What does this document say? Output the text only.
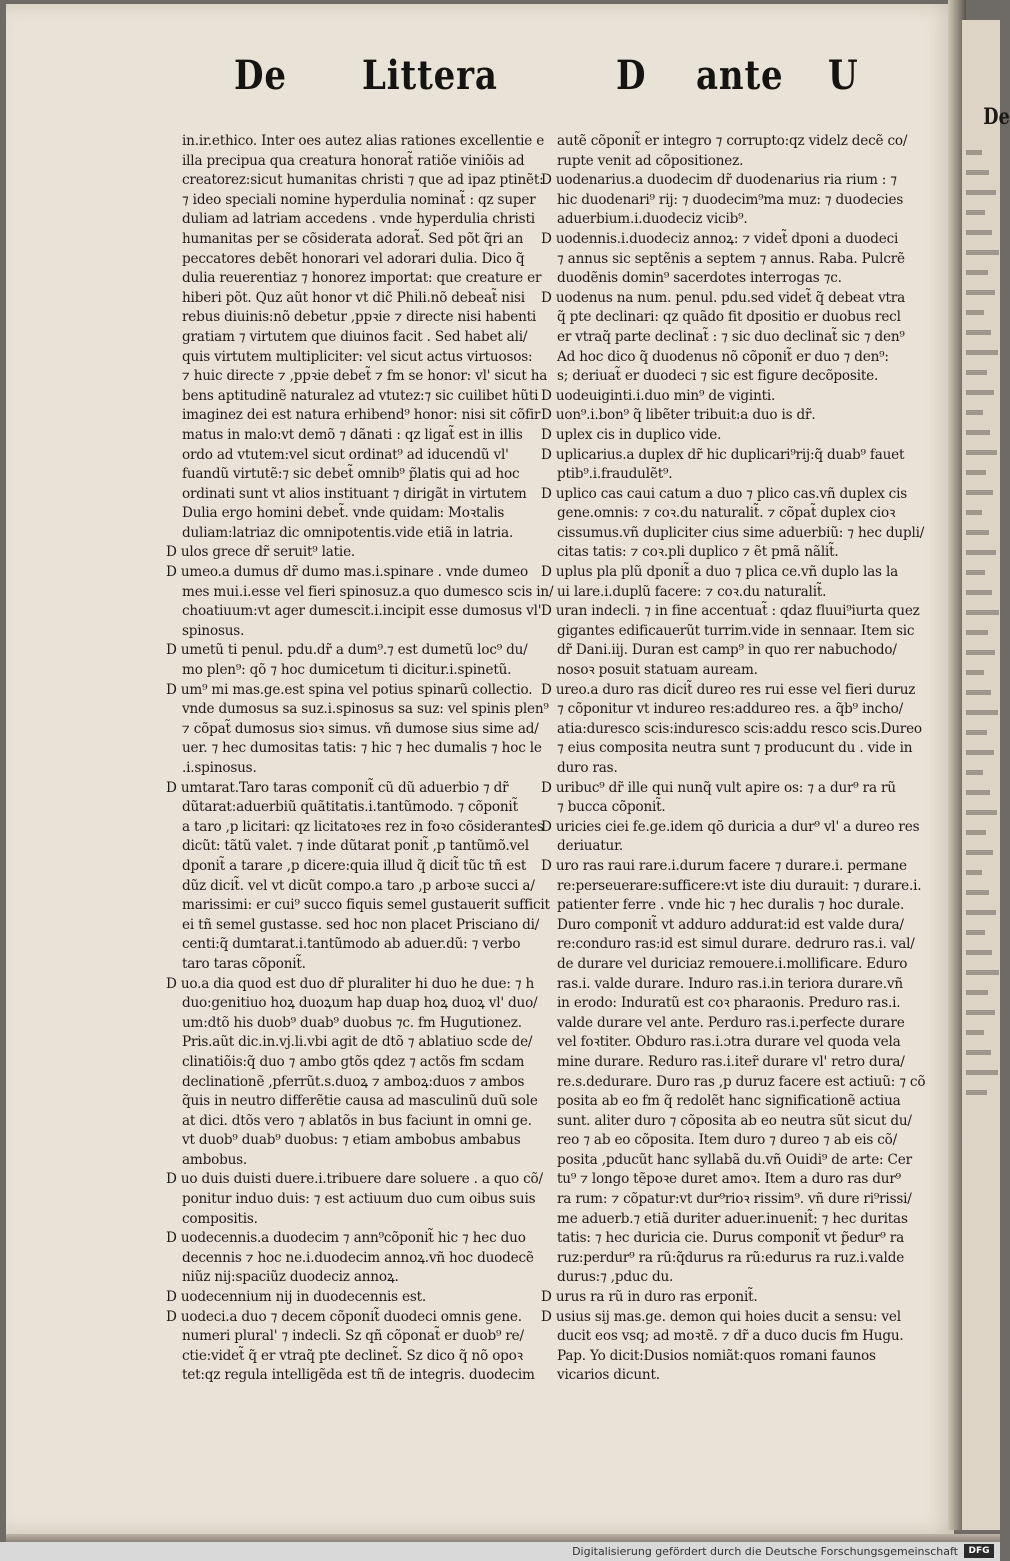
De Littera	D ante U
in.ir.ethico. Inter oes autez alias rationes excellentie e
illa precipua qua creatura honorat̃ ratiõe viniõis ad
creatorez:sicut humanitas christi ⁊ que ad ipaz ptinẽt:
⁊ ideo speciali nomine hyperdulia nominat̃ : qz super
duliam ad latriam accedens . vnde hyperdulia christi
humanitas per se cõsiderata adorat̃. Sed põt q̃ri an
peccatores debẽt honorari vel adorari dulia. Dico q̃
dulia reuerentiaz ⁊ honorez importat: que creature er
hiberi põt. Quz aũt honor vt dic̃ Phili.nõ debeat̃ nisi
rebus diuinis:nõ debetur ,ppꝛie ⁊ directe nisi habenti
gratiam ⁊ virtutem que diuinos facit . Sed habet ali/
quis virtutem multipliciter: vel sicut actus virtuosos:
⁊ huic directe ⁊ ,ppꝛie debet̃ ⁊ fm se honor: vl' sicut ha
bens aptitudinẽ naturalez ad vtutez:⁊ sic cuilibet hũti
imaginez dei est natura erhibend⁹ honor: nisi sit cõfir
matus in malo:vt demõ ⁊ dãnati : qz ligat̃ est in illis
ordo ad vtutem:vel sicut ordinat⁹ ad iducendũ vl'
fuandũ virtutẽ:⁊ sic debet̃ omnib⁹ p̃latis qui ad hoc
ordinati sunt vt alios instituant ⁊ dirigãt in virtutem
Dulia ergo homini debet̃. vnde quidam: Moꝛtalis
duliam:latriaz dic omnipotentis.vide etiã in latria.
D ulos grece dr̃ seruit⁹ latie.
D umeo.a dumus dr̃ dumo mas.i.spinare . vnde dumeo
mes mui.i.esse vel fieri spinosuz.a quo dumesco scis in/
choatiuum:vt ager dumescit.i.incipit esse dumosus vl'
spinosus.
D umetũ ti penul. pdu.dr̃ a dum⁹.⁊ est dumetũ loc⁹ du/
mo plen⁹: qõ ⁊ hoc dumicetum ti dicitur.i.spinetũ.
D um⁹ mi mas.ge.est spina vel potius spinarũ collectio.
vnde dumosus sa suz.i.spinosus sa suz: vel spinis plen⁹
⁊ cõpat̃ dumosus sioꝛ simus. vñ dumose sius sime ad/
uer. ⁊ hec dumositas tatis: ⁊ hic ⁊ hec dumalis ⁊ hoc le
.i.spinosus.
D umtarat.Taro taras componit̃ cũ dũ aduerbio ⁊ dr̃
dũtarat:aduerbiũ quãtitatis.i.tantũmodo. ⁊ cõponit̃
a taro ,p licitari: qz licitatoꝛes rez in foꝛo cõsiderantes
dicũt: tãtũ valet. ⁊ inde dũtarat ponit̃ ,p tantũmõ.vel
dponit̃ a tarare ,p dicere:quia illud q̃ dicit̃ tũc tñ est
dũz dicit̃. vel vt dicũt compo.a taro ,p arboꝛe succi a/
marissimi: er cui⁹ succo fiquis semel gustauerit sufficit
ei tñ semel gustasse. sed hoc non placet Prisciano di/
centi:q̃ dumtarat.i.tantũmodo ab aduer.dũ: ⁊ verbo
taro taras cõponit̃.
D uo.a dia quod est duo dr̃ pluraliter hi duo he due: ⁊ h
duo:genitiuo hoꝝ duoꝝum hap duap hoꝝ duoꝝ vl' duo/
um:dtõ his duob⁹ duab⁹ duobus ⁊c. fm Hugutionez.
Pris.aũt dic.in.vj.li.vbi agit de dtõ ⁊ ablatiuo scde de/
clinatiõis:q̃ duo ⁊ ambo gtõs qdez ⁊ actõs fm scdam
declinationẽ ,pferrũt.s.duoꝝ ⁊ amboꝝ:duos ⁊ ambos
q̃uis in neutro differẽtie causa ad masculinũ duũ sole
at dici. dtõs vero ⁊ ablatõs in bus faciunt in omni ge.
vt duob⁹ duab⁹ duobus: ⁊ etiam ambobus ambabus
ambobus.
D uo duis duisti duere.i.tribuere dare soluere . a quo cõ/
ponitur induo duis: ⁊ est actiuum duo cum oibus suis
compositis.
D uodecennis.a duodecim ⁊ ann⁹cõponit̃ hic ⁊ hec duo
decennis ⁊ hoc ne.i.duodecim annoꝝ.vñ hoc duodecẽ
niũz nij:spaciũz duodeciz annoꝝ.
D uodecennium nij in duodecennis est.
D uodeci.a duo ⁊ decem cõponit̃ duodeci omnis gene.
numeri plural' ⁊ indecli. Sz qñ cõponat̃ er duob⁹ re/
ctie:videt̃ q̃ er vtraq̃ pte declinet̃. Sz dico q̃ nõ opoꝛ
tet:qz regula intelligẽda est tñ de integris. duodecim
autẽ cõponit̃ er integro ⁊ corrupto:qz videlz decẽ co/
rupte venit ad cõpositionez.
D uodenarius.a duodecim dr̃ duodenarius ria rium : ⁊
hic duodenari⁹ rij: ⁊ duodecim⁹ma muz: ⁊ duodecies
aduerbium.i.duodeciz vicib⁹.
D uodennis.i.duodeciz annoꝝ: ⁊ videt̃ dponi a duodeci
⁊ annus sic septẽnis a septem ⁊ annus. Raba. Pulcrẽ
duodẽnis domin⁹ sacerdotes interrogas ⁊c.
D uodenus na num. penul. pdu.sed videt̃ q̃ debeat vtra
q̃ pte declinari: qz quãdo fit dpositio er duobus recl
er vtraq̃ parte declinat̃ : ⁊ sic duo declinat̃ sic ⁊ den⁹
Ad hoc dico q̃ duodenus nõ cõponit̃ er duo ⁊ den⁹:
s; deriuat̃ er duodeci ⁊ sic est figure decõposite.
D uodeuiginti.i.duo min⁹ de viginti.
D uon⁹.i.bon⁹ q̃ libẽter tribuit:a duo is dr̃.
D uplex cis in duplico vide.
D uplicarius.a duplex dr̃ hic duplicari⁹rij:q̃ duab⁹ fauet
ptib⁹.i.fraudulẽt⁹.
D uplico cas caui catum a duo ⁊ plico cas.vñ duplex cis
gene.omnis: ⁊ coꝛ.du naturalit̃. ⁊ cõpat̃ duplex cioꝛ
cissumus.vñ dupliciter cius sime aduerbiũ: ⁊ hec dupli/
citas tatis: ⁊ coꝛ.pli duplico ⁊ ẽt pmã nãlit̃.
D uplus pla plũ dponit̃ a duo ⁊ plica ce.vñ duplo las la
ui lare.i.duplũ facere: ⁊ coꝛ.du naturalit̃.
D uran indecli. ⁊ in fine accentuat̃ : qdaz fluui⁹iurta quez
gigantes edificauerũt turrim.vide in sennaar. Item sic
dr̃ Dani.iij. Duran est camp⁹ in quo rer nabuchodo/
nosoꝛ posuit statuam auream.
D ureo.a duro ras dicit̃ dureo res rui esse vel fieri duruz
⁊ cõponitur vt indureo res:addureo res. a q̃b⁹ incho/
atia:duresco scis:induresco scis:addu resco scis.Dureo
⁊ eius composita neutra sunt ⁊ producunt du . vide in
duro ras.
D uribuc⁹ dr̃ ille qui nunq̃ vult apire os: ⁊ a dur⁹ ra rũ
⁊ bucca cõponit̃.
D uricies ciei fe.ge.idem qõ duricia a dur⁹ vl' a dureo res
deriuatur.
D uro ras raui rare.i.durum facere ⁊ durare.i. permane
re:perseuerare:sufficere:vt iste diu durauit: ⁊ durare.i.
patienter ferre . vnde hic ⁊ hec duralis ⁊ hoc durale.
Duro componit̃ vt adduro addurat:id est valde dura/
re:conduro ras:id est simul durare. dedruro ras.i. val/
de durare vel duriciaz remouere.i.mollificare. Eduro
ras.i. valde durare. Induro ras.i.in teriora durare.vñ
in erodo: Induratũ est coꝛ pharaonis. Preduro ras.i.
valde durare vel ante. Perduro ras.i.perfecte durare
vel foꝛtiter. Obduro ras.i.ɔtra durare vel quoda vela
mine durare. Reduro ras.i.iter̃ durare vl' retro dura/
re.s.dedurare. Duro ras ,p duruz facere est actiuũ: ⁊ cõ
posita ab eo fm q̃ redolẽt hanc significationẽ actiua
sunt. aliter duro ⁊ cõposita ab eo neutra sũt sicut du/
reo ⁊ ab eo cõposita. Item duro ⁊ dureo ⁊ ab eis cõ/
posita ,pducũt hanc syllabã du.vñ Ouidi⁹ de arte: Cer
tu⁹ ⁊ longo tẽpoꝛe duret amoꝛ. Item a duro ras dur⁹
ra rum: ⁊ cõpatur:vt dur⁹rioꝛ rissim⁹. vñ dure ri⁹rissi/
me aduerb.⁊ etiã duriter aduer.inuenit̃: ⁊ hec duritas
tatis: ⁊ hec duricia cie. Durus componit̃ vt p̃edur⁹ ra
ruz:perdur⁹ ra rũ:q̃durus ra rũ:edurus ra ruz.i.valde
durus:⁊ ,pduc du.
D urus ra rũ in duro ras erponit̃.
D usius sij mas.ge. demon qui hoies ducit a sensu: vel
ducit eos vsq; ad moꝛtẽ. ⁊ dr̃ a duco ducis fm Hugu.
Pap. Yo dicit:Dusios nomiãt:quos romani faunos
vicarios dicunt.
De
Digitalisierung gefördert durch die Deutsche Forschungsgemeinschaft	DFG
